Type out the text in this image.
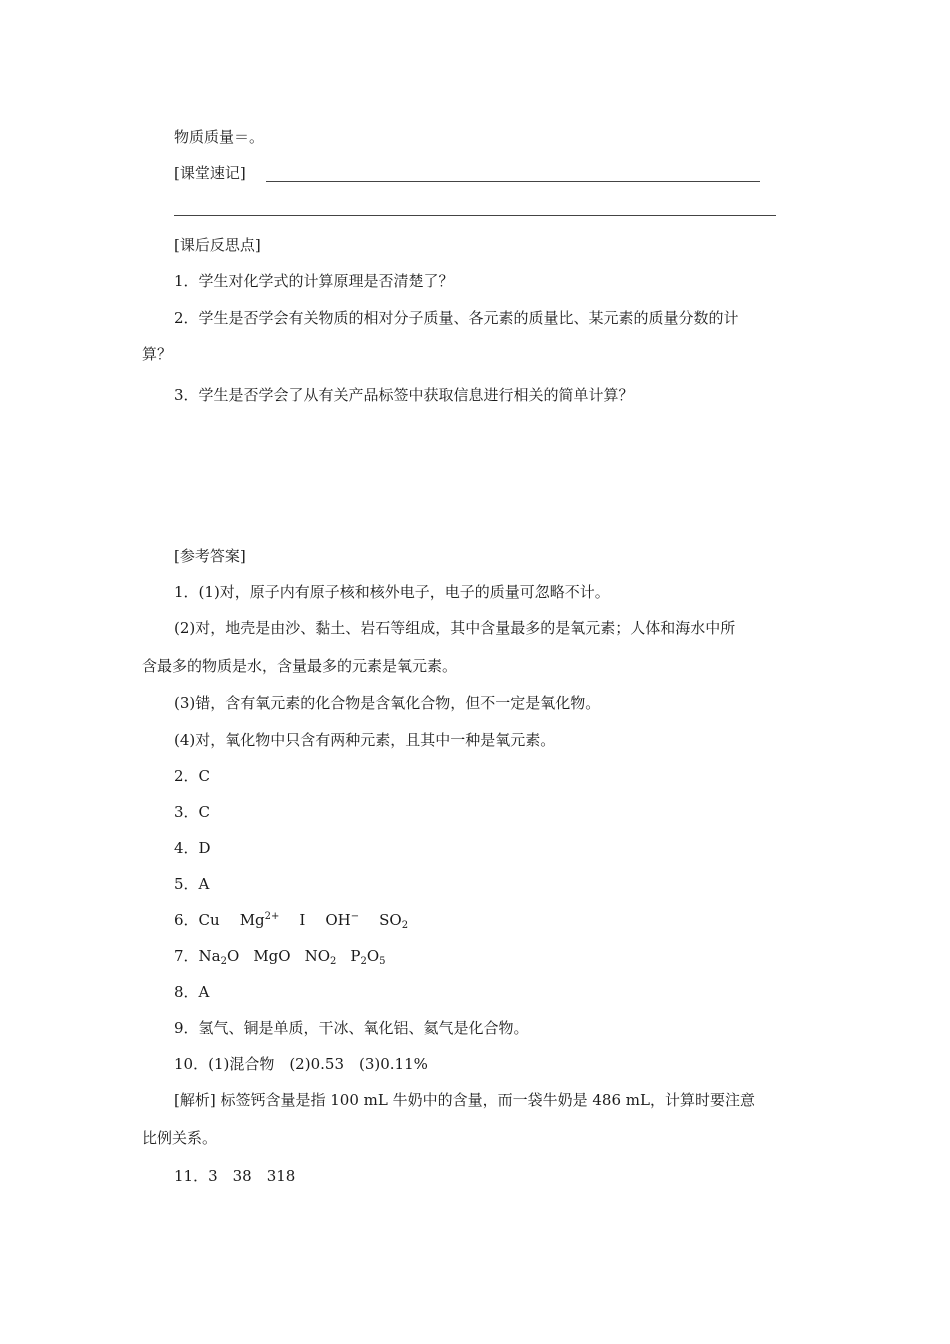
物质质量＝。
[课堂速记]
[课后反思点]
1．学生对化学式的计算原理是否清楚了？
2．学生是否学会有关物质的相对分子质量、各元素的质量比、某元素的质量分数的计
算？
3．学生是否学会了从有关产品标签中获取信息进行相关的简单计算？
[参考答案]
1．(1)对，原子内有原子核和核外电子，电子的质量可忽略不计。
(2)对，地壳是由沙、黏土、岩石等组成，其中含量最多的是氧元素；人体和海水中所
含最多的物质是水，含量最多的元素是氧元素。
(3)错，含有氧元素的化合物是含氧化合物，但不一定是氧化物。
(4)对，氧化物中只含有两种元素，且其中一种是氧元素。
2．C
3．C
4．D
5．A
6．Cu $Mg^{2+}$ I OH− $SO_2$
7．$Na_2O$ MgO $NO_2$ $P_2O_5$
8．A
9．氢气、铜是单质，干冰、氧化铝、氦气是化合物。
10．(1)混合物　(2)0.53　(3)0.11%
[解析] 标签钙含量是指 100 mL 牛奶中的含量，而一袋牛奶是 486 mL，计算时要注意
比例关系。
11．3　38　318
